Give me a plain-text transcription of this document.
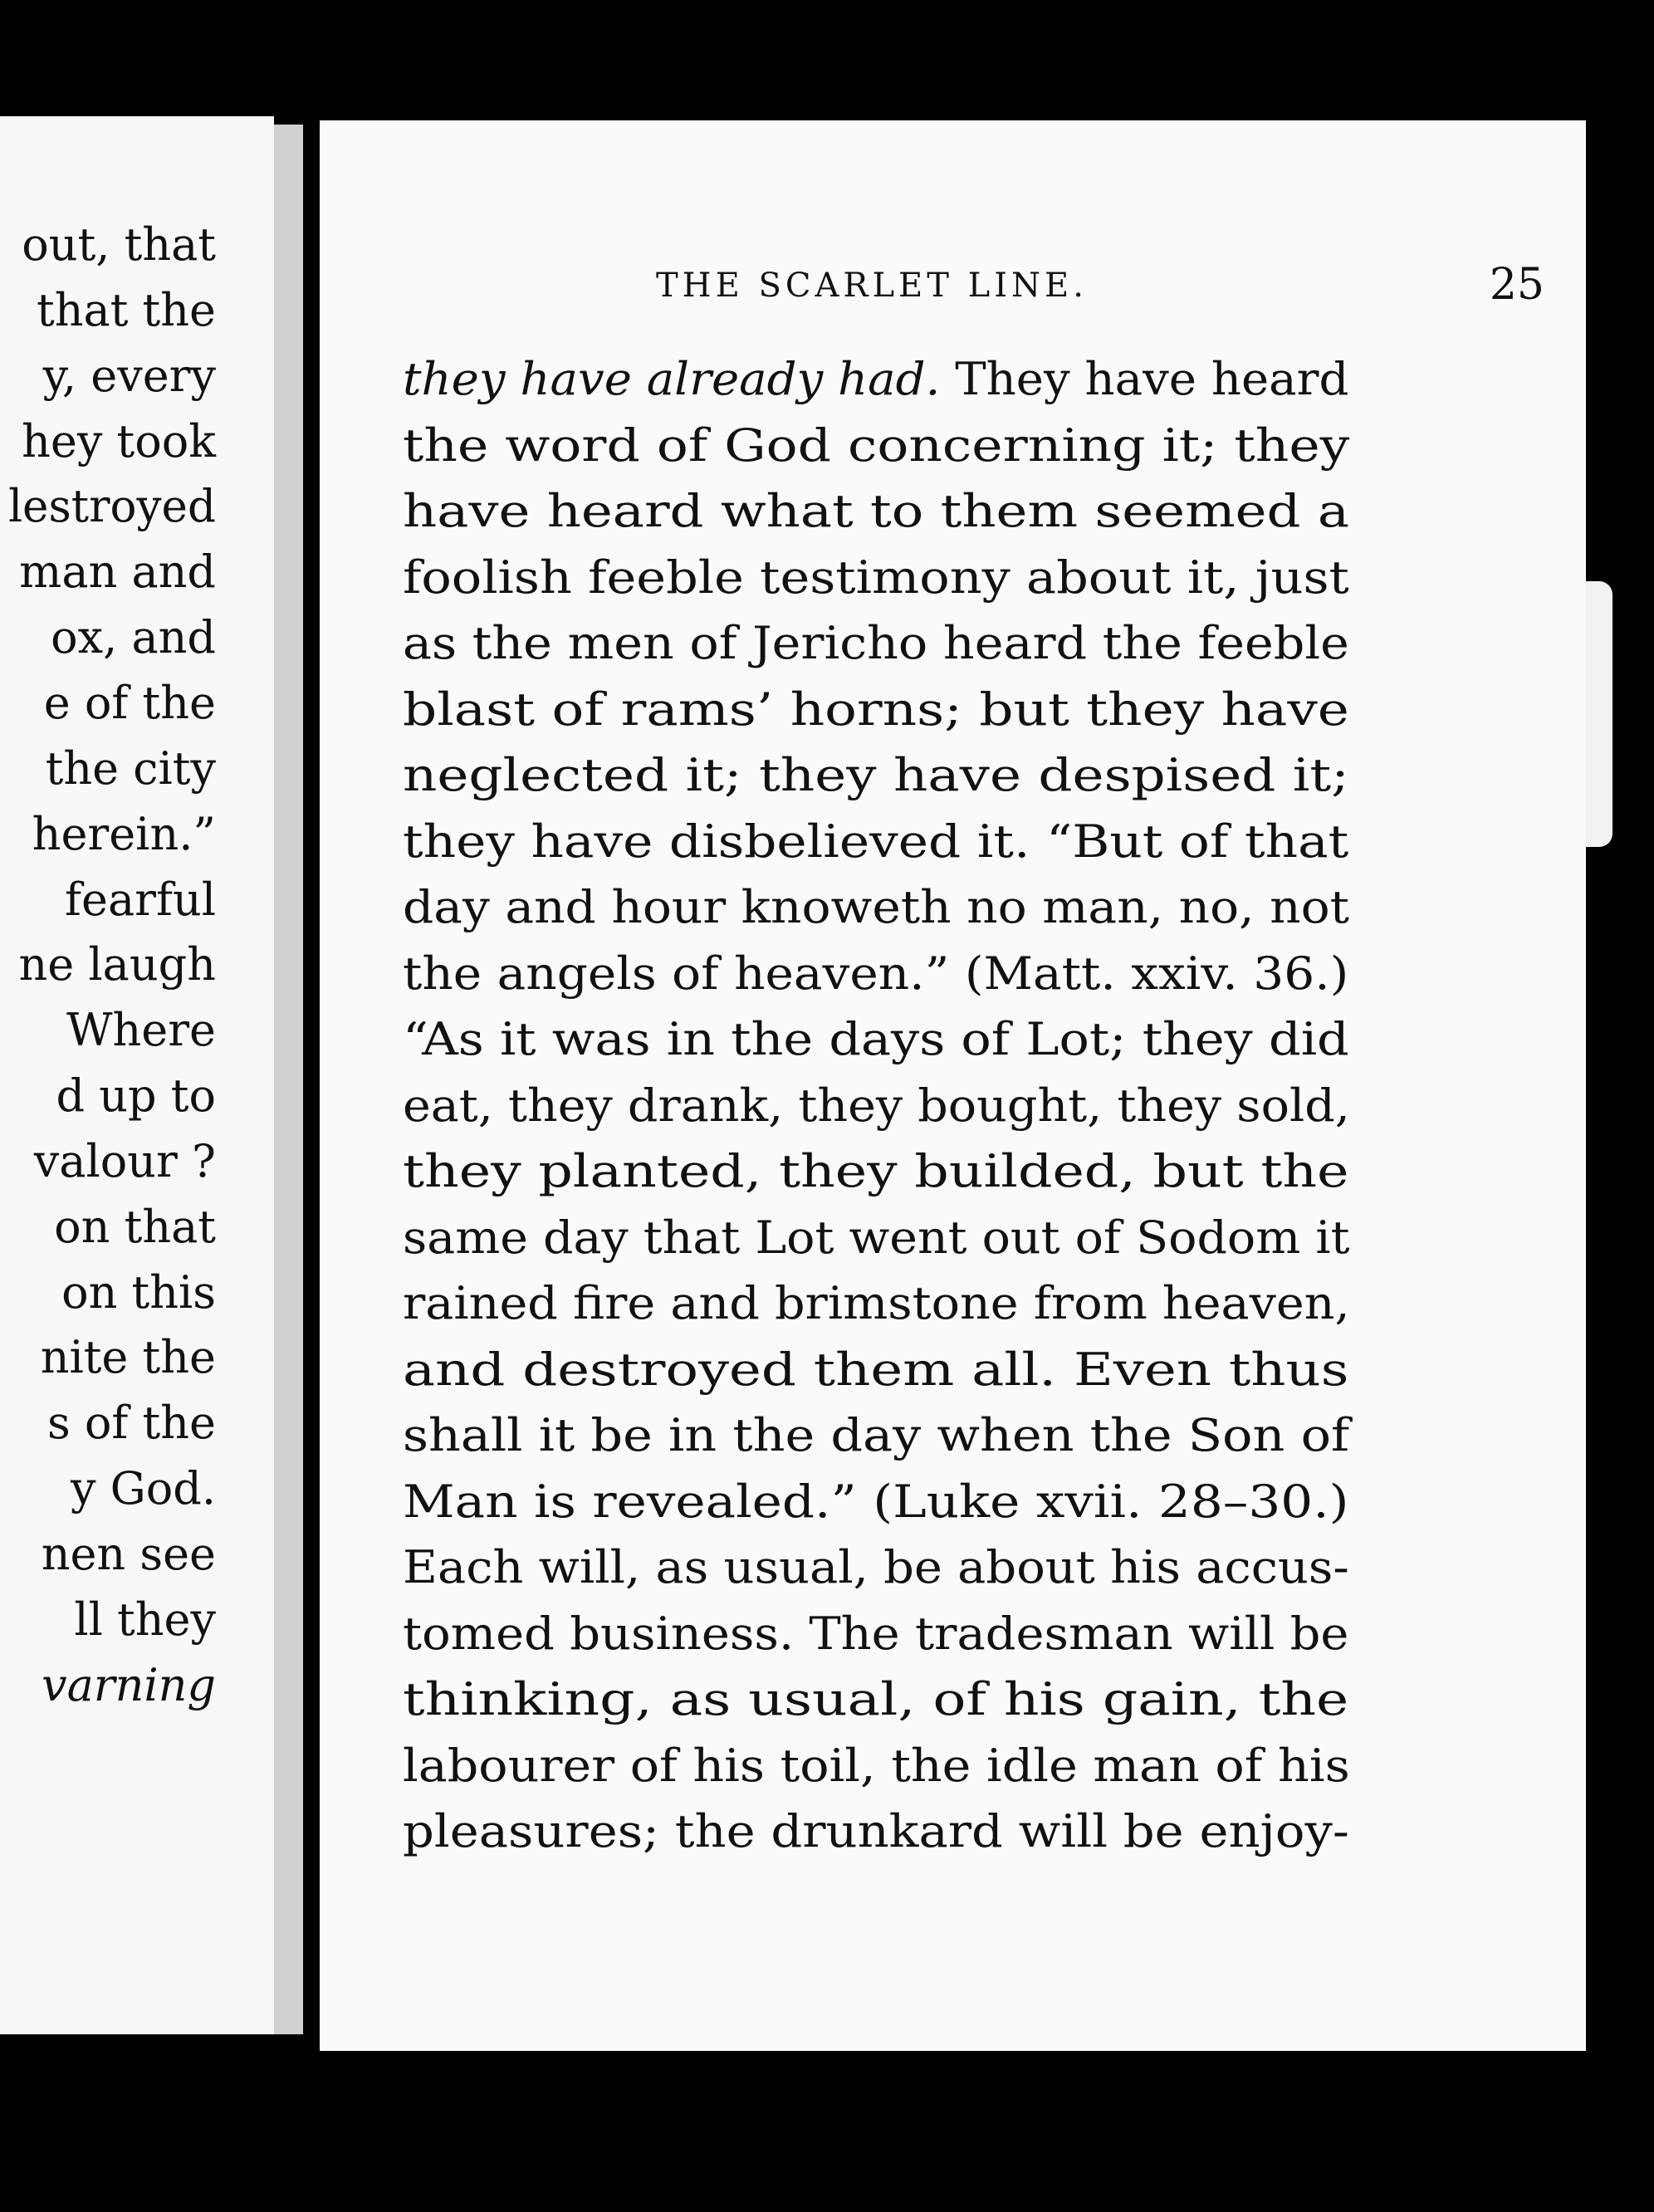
out, that
that the
y, every
hey took
lestroyed
man and
ox, and
e of the
the city
herein.”
fearful
ne laugh
Where
d up to
valour ?
on that
on this
nite the
s of the
y God.
nen see
ll they
varning
THE SCARLET LINE.	25
they have already had. They have heard
the word of God concerning it; they
have heard what to them seemed a
foolish feeble testimony about it, just
as the men of Jericho heard the feeble
blast of rams’ horns; but they have
neglected it; they have despised it;
they have disbelieved it. “But of that
day and hour knoweth no man, no, not
the angels of heaven.” (Matt. xxiv. 36.)
“As it was in the days of Lot; they did
eat, they drank, they bought, they sold,
they planted, they builded, but the
same day that Lot went out of Sodom it
rained fire and brimstone from heaven,
and destroyed them all. Even thus
shall it be in the day when the Son of
Man is revealed.” (Luke xvii. 28–30.)
Each will, as usual, be about his accus-
tomed business. The tradesman will be
thinking, as usual, of his gain, the
labourer of his toil, the idle man of his
pleasures; the drunkard will be enjoy-
